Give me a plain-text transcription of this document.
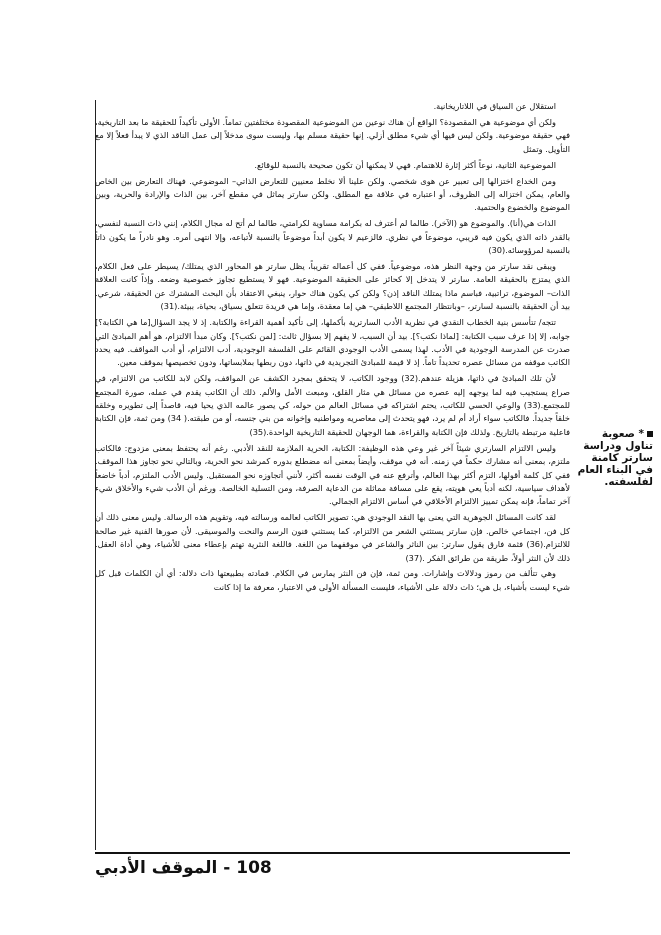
استقلال عن السياق في اللاتاريخانية.

ولكن أي موضوعية هي المقصودة؟ الواقع أن هناك نوعين من الموضوعية المقصودة مختلفتين تماماً. الأولى تأكيداً للحقيقة ما بعد التاريخية، فهي حقيقة موضوعية. ولكن ليس فيها أي شيء مطلق أزلي. إنها حقيقة مسلم بها، وليست سوى مدخلاً إلى عمل الناقد الذي لا يبدأ فعلاً إلا مع التأويل. وتمثل

الموضوعية الثانية، نوعاً أكثر إثارة للاهتمام. فهي لا يمكنها أن تكون صحيحة بالنسبة للوقائع.

ومن الخداع اختزالها إلى تعبير عن هوى شخصي. ولكن علينا ألا نخلط معنيين للتعارض الذاتي– الموضوعي. فهناك التعارض بين الخاص والعام، يمكن اختزاله إلى الظروف، أو اعتباره في علاقة مع المطلق. ولكن سارتر يماثل في مقطع آخر، بين الذات والإرادة والحرية، وبين الموضوع والخضوع والحتمية.

الذات هي(أنا). والموضوع هو (الآخر). طالما لم أعترف له بكرامة مساوية لكرامتي، طالما لم أتح له مجال الكلام، إنني ذات النسبة لنفسي، بالقدر ذاته الذي يكون فيه قريبي، موضوعاً في نظري. فالزعيم لا يكون أبداً موضوعاً بالنسبة لأتباعه، وإلا انتهى أمره. وهو نادراً ما يكون ذاتاً بالنسبة لمرؤوسائه.(30)

ويبقى نقد سارتر من وجهة النظر هذه، موضوعياً. ففي كل أعماله تقريباً، يظل سارتر هو المحاور الذي يمتلك/ يسيطر على فعل الكلام، الذي يمتزج بالحقيقة العامة. سارتر لا يتدخل إلا كحائز على الحقيقة الموضوعية. فهو لا يستطيع تجاوز خصوصية وضعه. وإذاً كانت العلاقة الذات– الموضوع، تراتبية، فباسم ماذا يمتلك الناقد إذن؟ ولكن كي يكون هناك حوار، ينبغي الاعتقاد بأن البحث المشترك عن الحقيقة، شرعي. بيد أن الحقيقة بالنسبة لسارتر، –وبانتظار المجتمع اللاطبقي– هي إما معقدة، وإما هي فريدة تتعلق بسياق، بحياة، ببيئة.(31)

تتجه/ تتأسس بنية الخطاب النقدي في نظرية الأدب السارترية بأكملها، إلى تأكيد أهمية القراءة والكتابة. إذ لا يجد السؤال[ما هي الكتابة؟] جوابه، إلا إذا عرف سبب الكتابة: [لماذا نكتب؟]. بيد أن السبب، لا يفهم إلا بسؤال ثالث: [لمن نكتب؟]. وكان مبدأ الالتزام، هو أهم المبادئ التي صدرت عن المدرسة الوجودية في الأدب. لهذا يسمى الأدب الوجودي القائم على الفلسفة الوجودية، أدب الالتزام، أو أدب المواقف. فيه يحدد الكاتب موقفه من مسائل عصره تحديداً تاماً. إذ لا قيمة للمبادئ التجريدية في ذاتها، دون ربطها بملابساتها، ودون تخصيصها بموقف معين.

لأن تلك المبادئ في ذاتها، هزيلة عندهم.(32) ووجود الكاتب، لا يتحقق بمجرد الكشف عن المواقف، ولكن لابد للكاتب من الالتزام، في صراع يستجيب فيه لما يوجهه إليه عصره من مسائل هي مثار القلق، ومبعث الأمل والألم. ذلك أن الكاتب يقدم في عمله، صورة المجتمع للمجتمع.(33) والوعي الحسي للكاتب، يحتم اشتراكه في مسائل العالم من حوله، كي يصور عالمه الذي يحيا فيه، قاصداً إلى تطويره وخلقه خلقاً جديداً. فالكاتب سواء أراد أم لم يرد، فهو يتحدث إلى معاصريه ومواطنيه وإخوانه من بني جنسه، أو من طبقته.( 34) ومن ثمة، فإن الكتابة فاعلية مرتبطة بالتاريخ. ولذلك فإن الكتابة والقراءة، هما الوجهان للحقيقة التاريخية الواحدة.(35)

وليس الالتزام السارتري شيئاً آخر غير وعي هذه الوظيفة: الكتابة، الحرية الملازمة للنقد الأدبي. رغم أنه يحتفظ بمعنى مزدوج: فالكاتب ملتزم، بمعنى أنه مشارك حكماً في زمنه. أنه في موقف، وأيضاً بمعنى أنه مضطلع بدوره كمرشد نحو الحرية، وبالتالي نحو تجاوز هذا الموقف. ففي كل كلمة أقولها، التزم أكثر بهذا العالم، وأترفع عنه في الوقت نفسه أكثر، لأنني أتجاوزه نحو المستقبل. وليس الأدب الملتزم، أدباً خاضعاً لأهداف سياسية، لكنه أدباً يعي هويته، يقع على مسافة مماثلة من الدعاية الصرفة، ومن التسلية الخالصة. ورغم أن الأدب شيء والأخلاق شيء آخر تماماً، فإنه يمكن تمييز الالتزام الأخلاقي في أساس الالتزام الجمالي.

لقد كانت المسائل الجوهرية التي يعنى بها النقد الوجودي هي: تصوير الكاتب لعالمه ورسالته فيه، وتقويم هذه الرسالة. وليس معنى ذلك أن كل فن، اجتماعي خالص. فإن سارتر يستثني الشعر من الالتزام، كما يستثني فنون الرسم والنحت والموسيقى. لأن صورها الفنية غير صالحة للالتزام.(36) فثمة فارق يقول سارتر: بين الناثر والشاعر في موقفهما من اللغة. فاللغة النثرية تهتم بإعطاء معنى للأشياء، وهي أداة العقل. ذلك لأن النثر أولاً، طريقة من طرائق الفكر .(37)

وهي تتألف من رموز ودلالات وإشارات. ومن ثمة، فإن فن النثر يمارس في الكلام. فمادته بطبيعتها ذات دلالة: أي أن الكلمات قبل كل شيء ليست بأشياء، بل هي؛ ذات دلالة على الأشياء، فليست المسألة الأولى في الاعتبار، معرفة ما إذا كانت

* صعوبة تناول ودراسة سارتر كامنة في البناء العام لفلسفته.
108 - الموقف الأدبي
